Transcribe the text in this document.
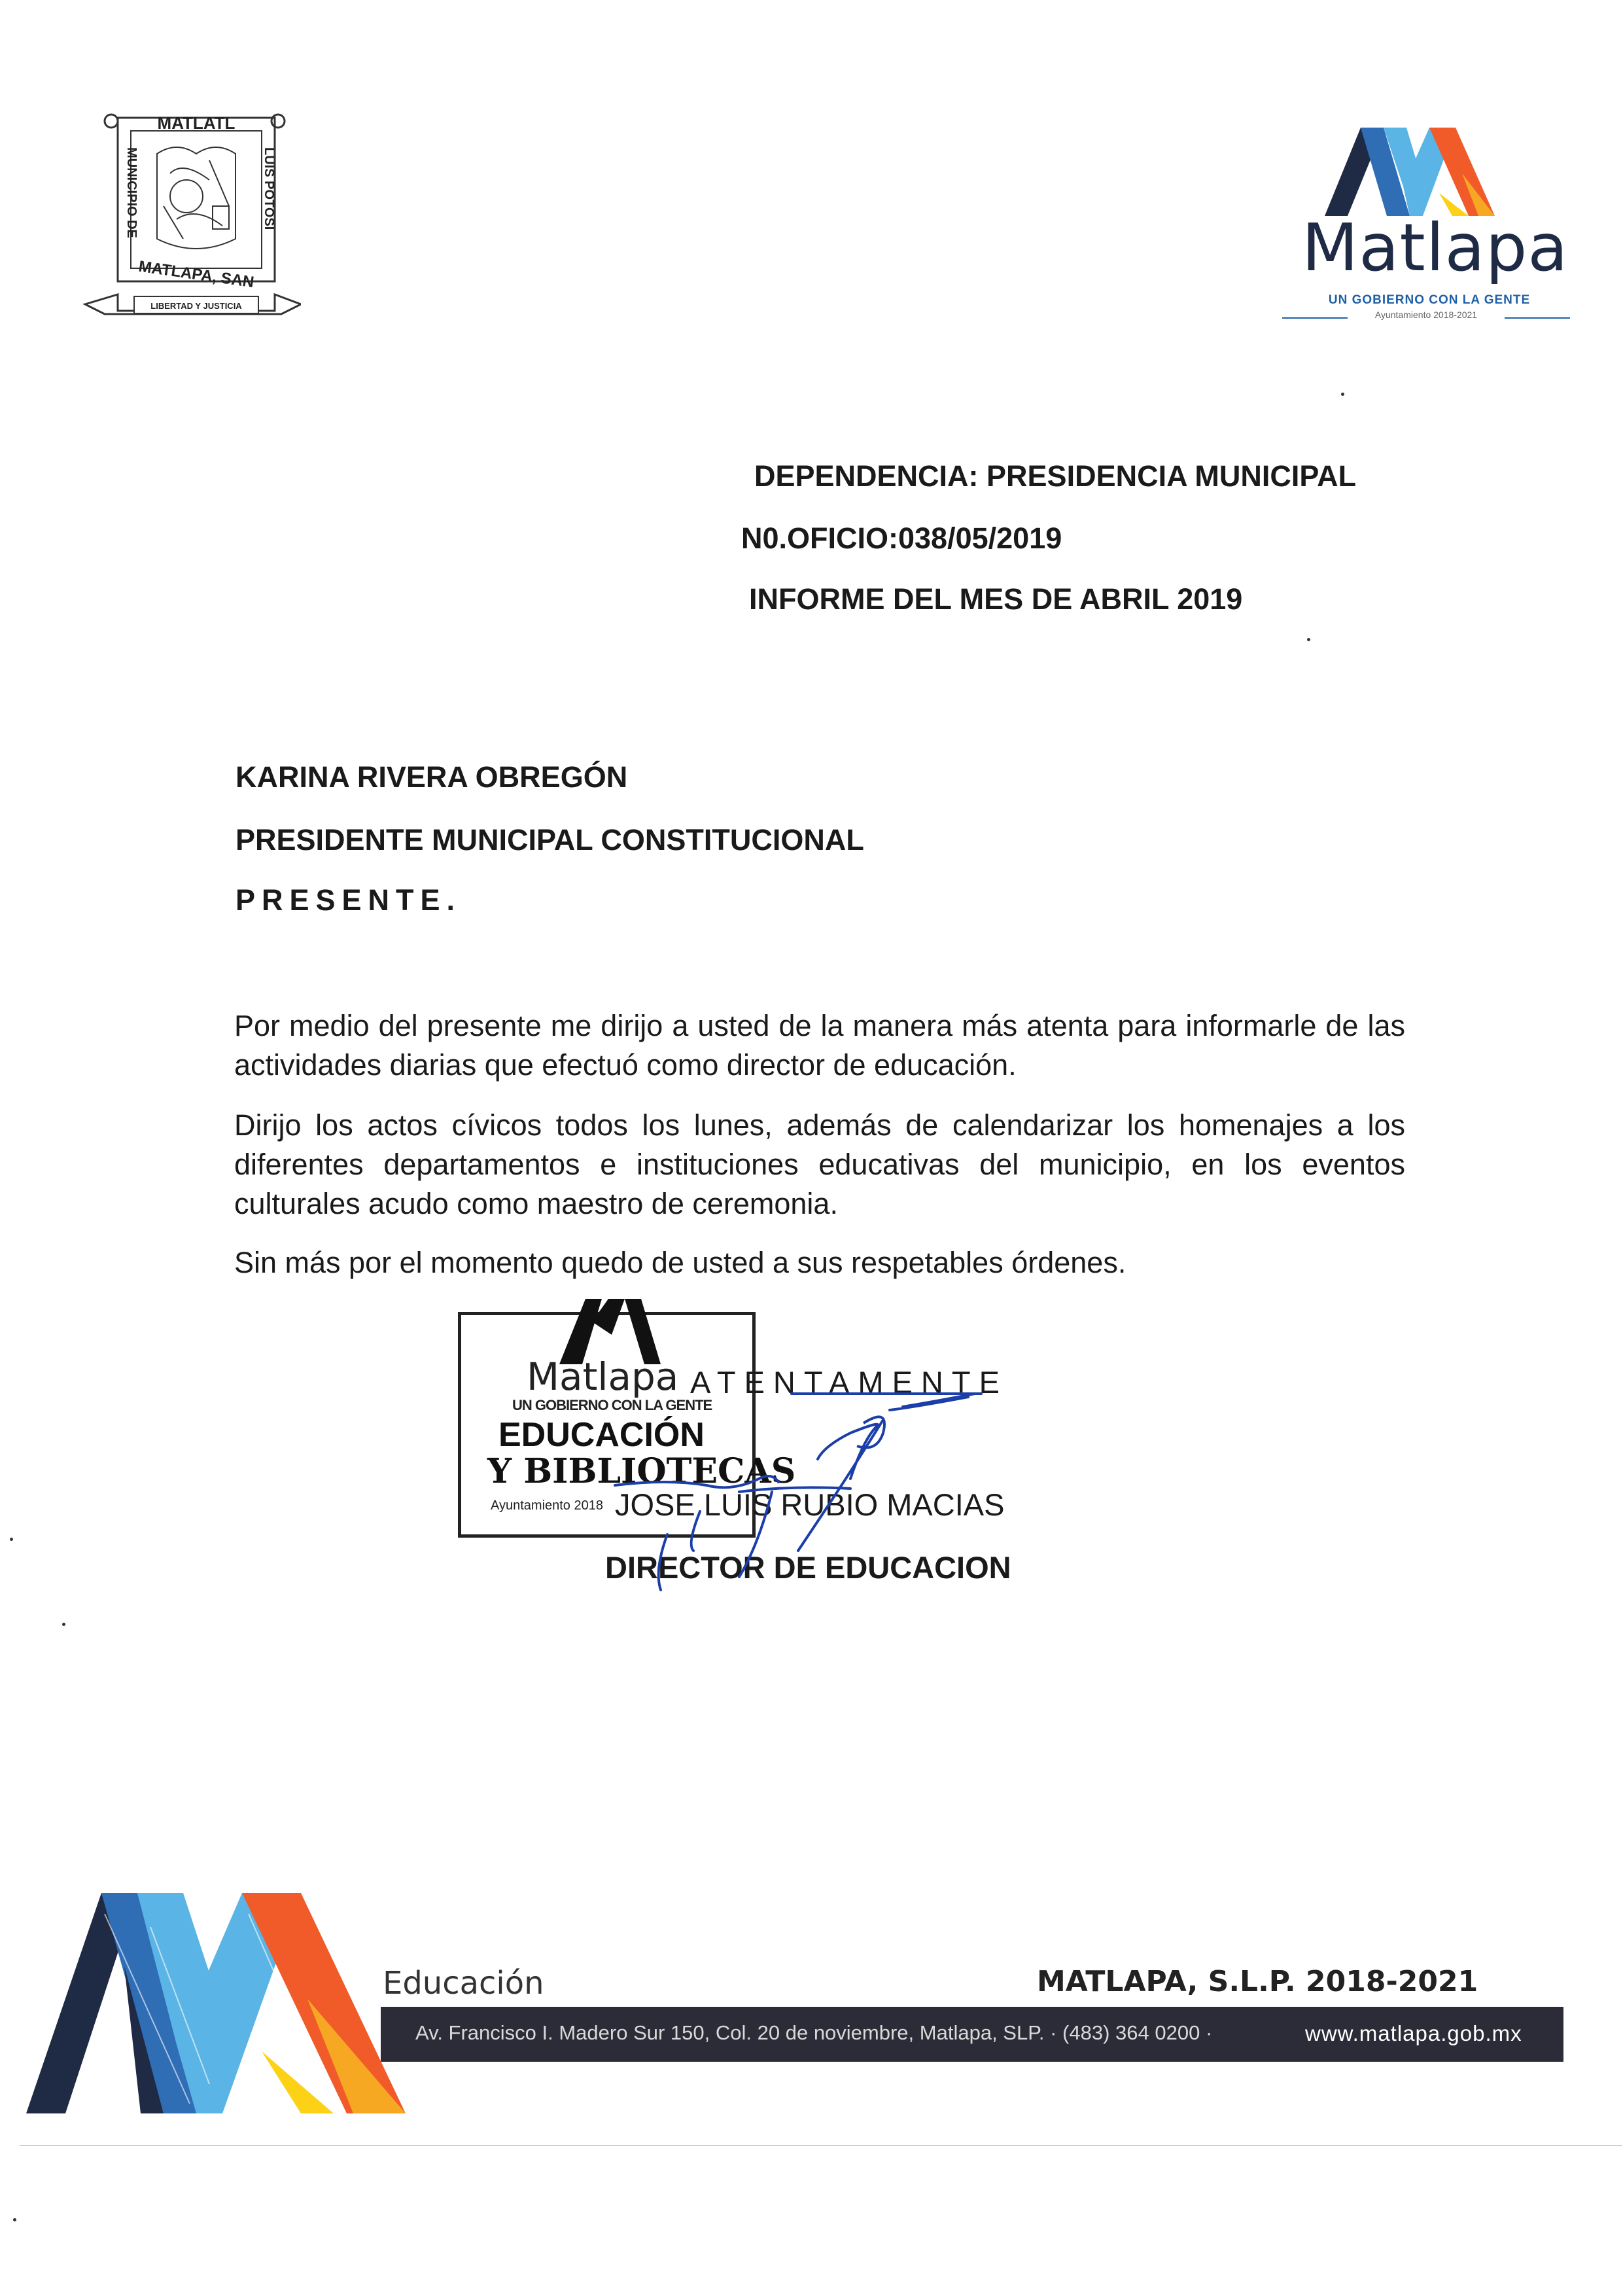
MATLATL
MUNICIPIO DE	LUIS POTOSI
MATLAPA, SAN
LIBERTAD Y JUSTICIA
Matlapa
UN GOBIERNO CON LA GENTE
Ayuntamiento 2018-2021
DEPENDENCIA: PRESIDENCIA MUNICIPAL
N0.OFICIO:038/05/2019
INFORME DEL MES DE ABRIL 2019
KARINA RIVERA OBREGÓN
PRESIDENTE MUNICIPAL CONSTITUCIONAL
PRESENTE.
Por medio del presente me dirijo a usted de la manera más atenta para informarle de las actividades diarias que efectuó como director de educación.
Dirijo los actos cívicos todos los lunes, además de calendarizar los homenajes a los diferentes departamentos e instituciones educativas del municipio, en los eventos culturales acudo como maestro de ceremonia.
Sin más por el momento quedo de usted a sus respetables órdenes.
Matlapa
UN GOBIERNO CON LA GENTE
EDUCACIÓN
Y BIBLIOTECAS
Ayuntamiento 2018
ATENTAMENTE
JOSE LUIS RUBIO MACIAS
DIRECTOR DE EDUCACION
Educación	MATLAPA, S.L.P. 2018-2021
Av. Francisco I. Madero Sur 150, Col. 20 de noviembre, Matlapa, SLP. · (483) 364 0200 ·	www.matlapa.gob.mx
